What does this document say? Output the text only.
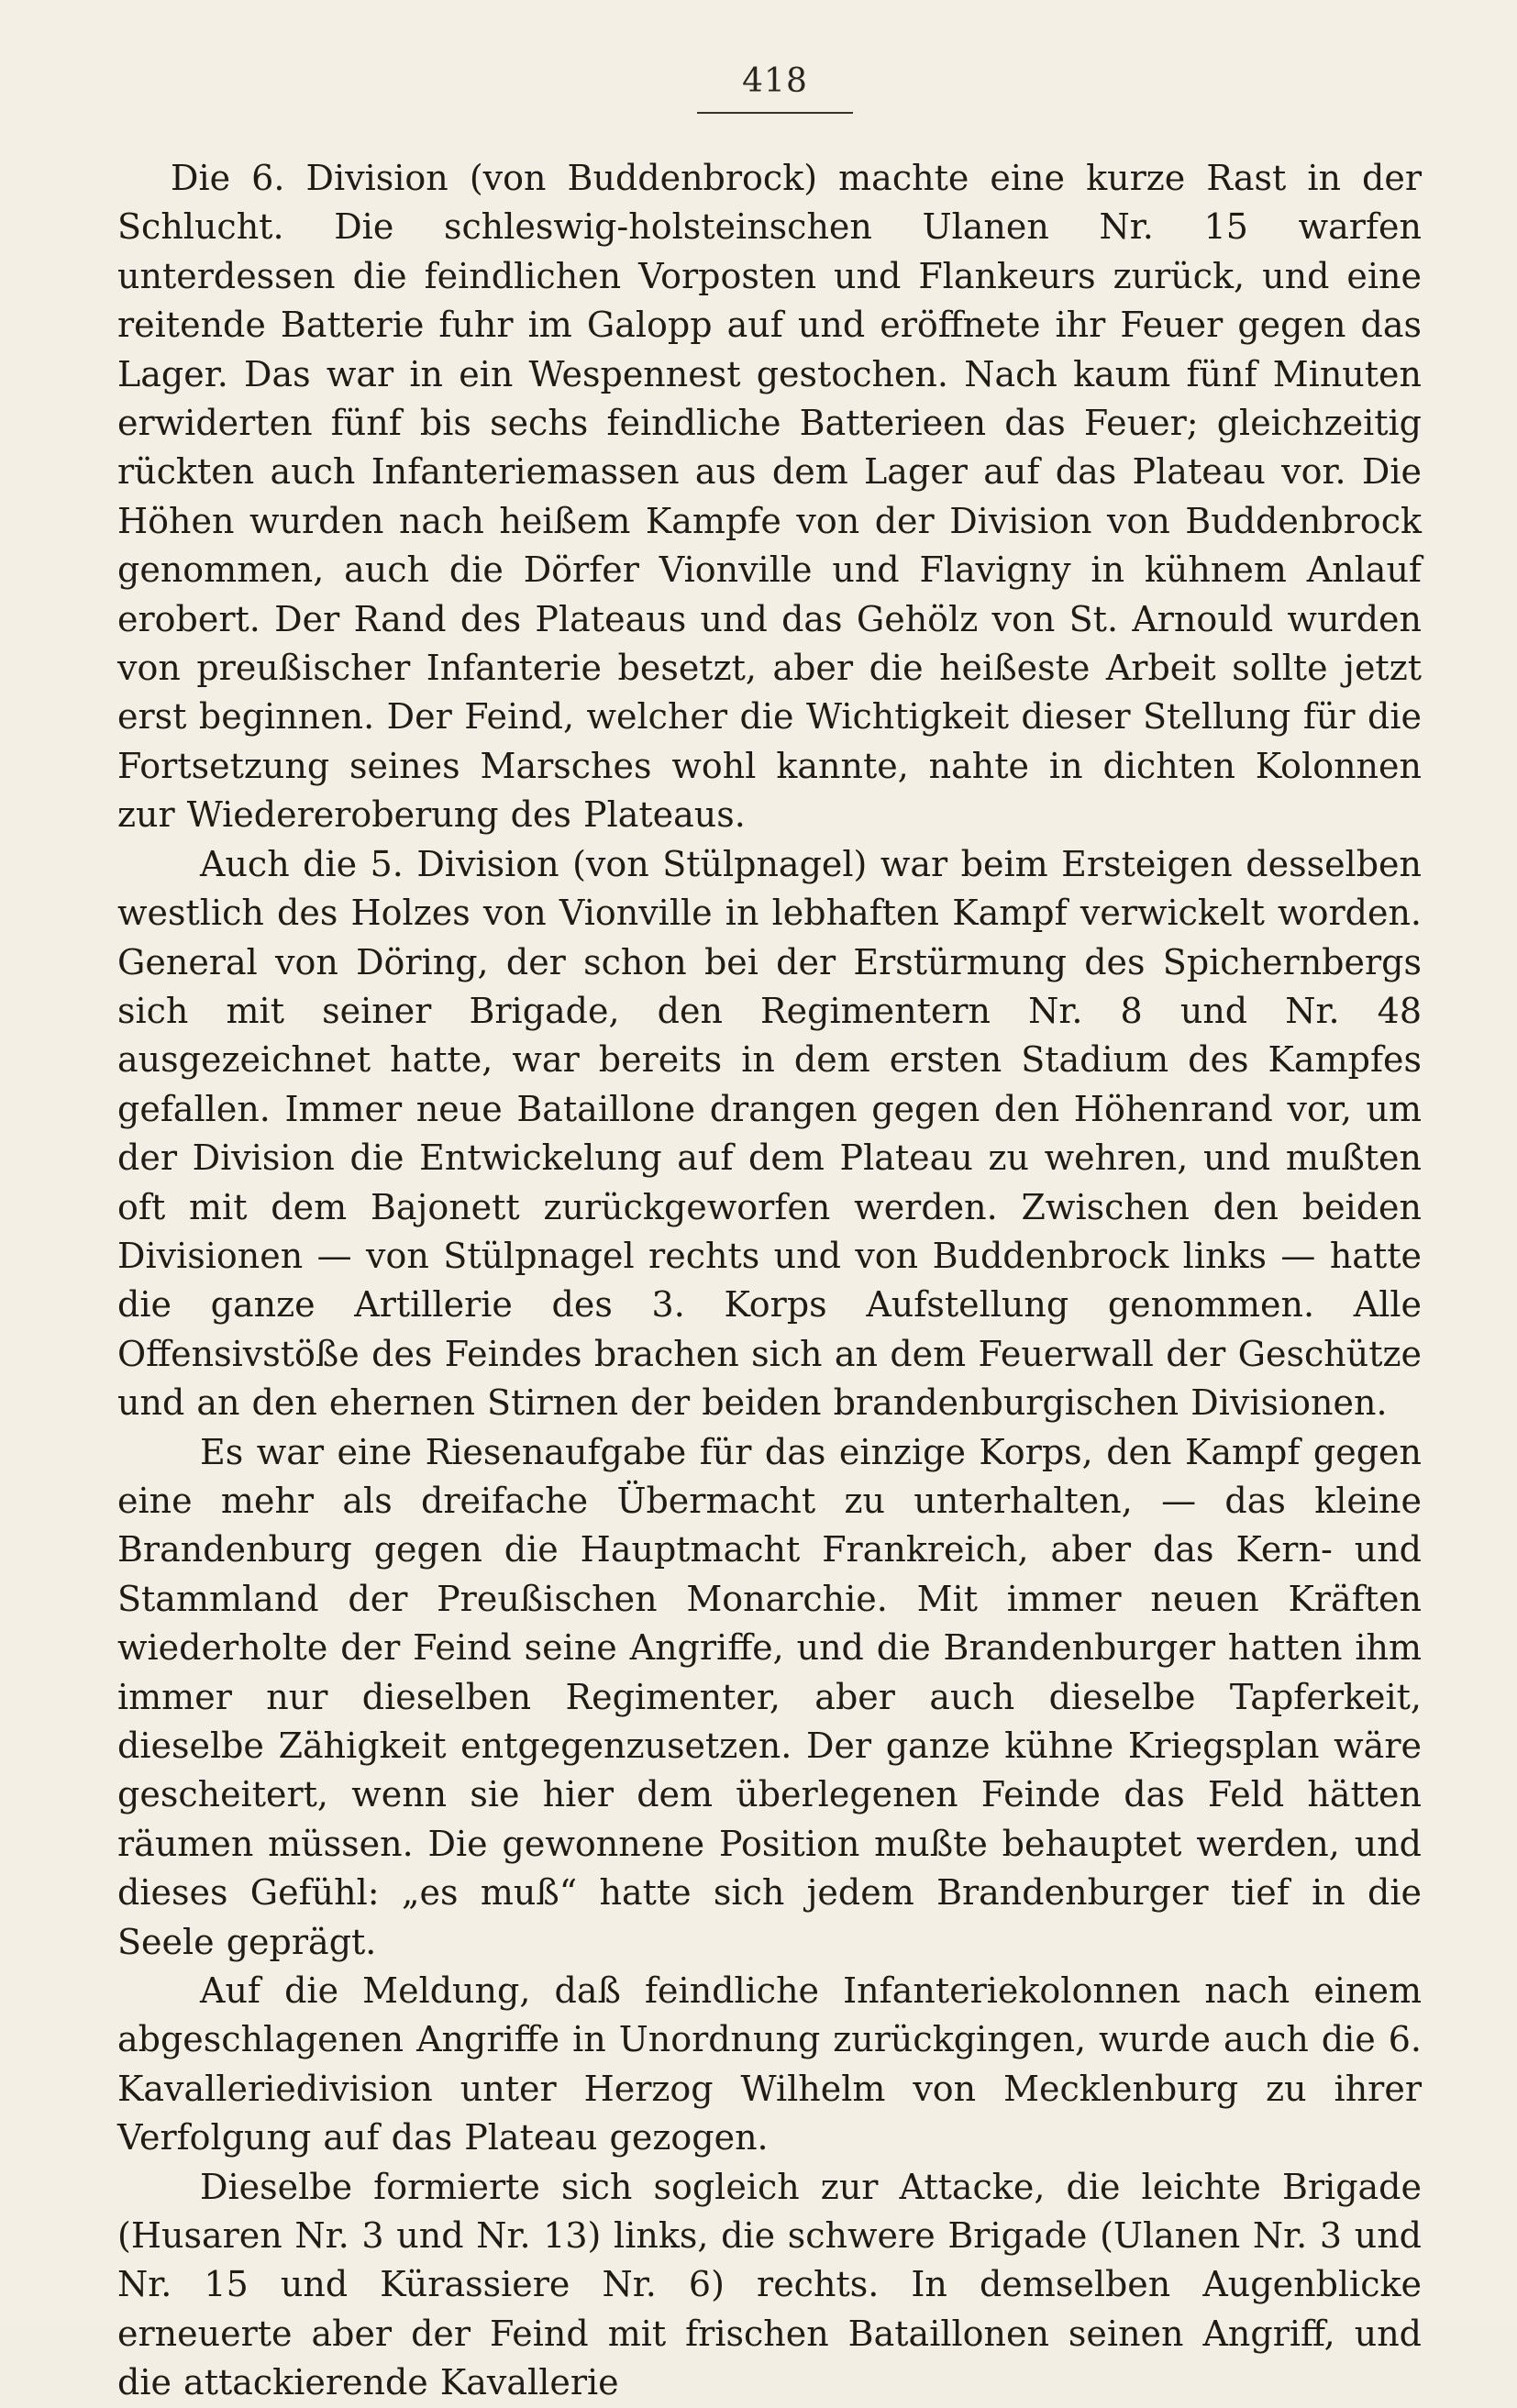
418

Die 6. Division (von Buddenbrock) machte eine kurze Rast in der Schlucht. Die schleswig-holsteinschen Ulanen Nr. 15 warfen unterdessen die feindlichen Vorposten und Flankeurs zurück, und eine reitende Batterie fuhr im Galopp auf und eröffnete ihr Feuer gegen das Lager. Das war in ein Wespennest gestochen. Nach kaum fünf Minuten erwiderten fünf bis sechs feindliche Batterieen das Feuer; gleichzeitig rückten auch Infanteriemassen aus dem Lager auf das Plateau vor. Die Höhen wurden nach heißem Kampfe von der Division von Buddenbrock genommen, auch die Dörfer Vionville und Flavigny in kühnem Anlauf erobert. Der Rand des Plateaus und das Gehölz von St. Arnould wurden von preußischer Infanterie besetzt, aber die heißeste Arbeit sollte jetzt erst beginnen. Der Feind, welcher die Wichtigkeit dieser Stellung für die Fortsetzung seines Marsches wohl kannte, nahte in dichten Kolonnen zur Wiedereroberung des Plateaus.

Auch die 5. Division (von Stülpnagel) war beim Ersteigen desselben westlich des Holzes von Vionville in lebhaften Kampf verwickelt worden. General von Döring, der schon bei der Erstürmung des Spichernbergs sich mit seiner Brigade, den Regimentern Nr. 8 und Nr. 48 ausgezeichnet hatte, war bereits in dem ersten Stadium des Kampfes gefallen. Immer neue Bataillone drangen gegen den Höhenrand vor, um der Division die Entwickelung auf dem Plateau zu wehren, und mußten oft mit dem Bajonett zurückgeworfen werden. Zwischen den beiden Divisionen — von Stülpnagel rechts und von Buddenbrock links — hatte die ganze Artillerie des 3. Korps Aufstellung genommen. Alle Offensivstöße des Feindes brachen sich an dem Feuerwall der Geschütze und an den ehernen Stirnen der beiden brandenburgischen Divisionen.

Es war eine Riesenaufgabe für das einzige Korps, den Kampf gegen eine mehr als dreifache Übermacht zu unterhalten, — das kleine Brandenburg gegen die Hauptmacht Frankreich, aber das Kern- und Stammland der Preußischen Monarchie. Mit immer neuen Kräften wiederholte der Feind seine Angriffe, und die Brandenburger hatten ihm immer nur dieselben Regimenter, aber auch dieselbe Tapferkeit, dieselbe Zähigkeit entgegenzusetzen. Der ganze kühne Kriegsplan wäre gescheitert, wenn sie hier dem überlegenen Feinde das Feld hätten räumen müssen. Die gewonnene Position mußte behauptet werden, und dieses Gefühl: „es muß“ hatte sich jedem Brandenburger tief in die Seele geprägt.

Auf die Meldung, daß feindliche Infanteriekolonnen nach einem abgeschlagenen Angriffe in Unordnung zurückgingen, wurde auch die 6. Kavalleriedivision unter Herzog Wilhelm von Mecklenburg zu ihrer Verfolgung auf das Plateau gezogen.

Dieselbe formierte sich sogleich zur Attacke, die leichte Brigade (Husaren Nr. 3 und Nr. 13) links, die schwere Brigade (Ulanen Nr. 3 und Nr. 15 und Kürassiere Nr. 6) rechts. In demselben Augenblicke erneuerte aber der Feind mit frischen Bataillonen seinen Angriff, und die attackierende Kavallerie
